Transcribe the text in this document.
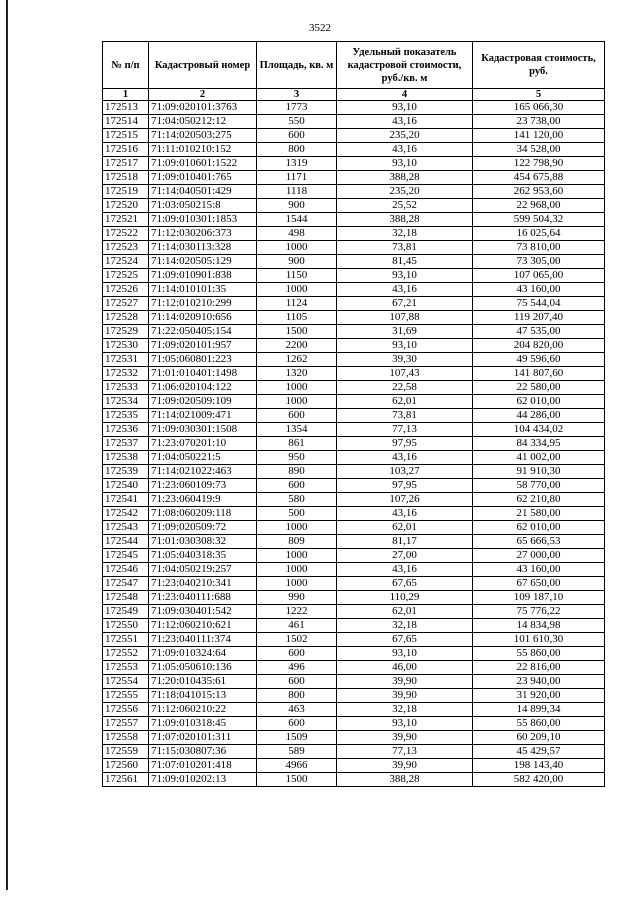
3522
№ п/п	Кадастровый номер	Площадь, кв. м	Удельный показатель кадастровой стоимости, руб./кв. м	Кадастровая стоимость, руб.
1	2	3	4	5
172513	71:09:020101:3763	1773	93,10	165 066,30
172514	71:04:050212:12	550	43,16	23 738,00
172515	71:14:020503:275	600	235,20	141 120,00
172516	71:11:010210:152	800	43,16	34 528,00
172517	71:09:010601:1522	1319	93,10	122 798,90
172518	71:09:010401:765	1171	388,28	454 675,88
172519	71:14:040501:429	1118	235,20	262 953,60
172520	71:03:050215:8	900	25,52	22 968,00
172521	71:09:010301:1853	1544	388,28	599 504,32
172522	71:12:030206:373	498	32,18	16 025,64
172523	71:14:030113:328	1000	73,81	73 810,00
172524	71:14:020505:129	900	81,45	73 305,00
172525	71:09:010901:838	1150	93,10	107 065,00
172526	71:14:010101:35	1000	43,16	43 160,00
172527	71:12:010210:299	1124	67,21	75 544,04
172528	71:14:020910:656	1105	107,88	119 207,40
172529	71:22:050405:154	1500	31,69	47 535,00
172530	71:09:020101:957	2200	93,10	204 820,00
172531	71:05:060801:223	1262	39,30	49 596,60
172532	71:01:010401:1498	1320	107,43	141 807,60
172533	71:06:020104:122	1000	22,58	22 580,00
172534	71:09:020509:109	1000	62,01	62 010,00
172535	71:14:021009:471	600	73,81	44 286,00
172536	71:09:030301:1508	1354	77,13	104 434,02
172537	71:23:070201:10	861	97,95	84 334,95
172538	71:04:050221:5	950	43,16	41 002,00
172539	71:14:021022:463	890	103,27	91 910,30
172540	71:23:060109:73	600	97,95	58 770,00
172541	71:23:060419:9	580	107,26	62 210,80
172542	71:08:060209:118	500	43,16	21 580,00
172543	71:09:020509:72	1000	62,01	62 010,00
172544	71:01:030308:32	809	81,17	65 666,53
172545	71:05:040318:35	1000	27,00	27 000,00
172546	71:04:050219:257	1000	43,16	43 160,00
172547	71:23:040210:341	1000	67,65	67 650,00
172548	71:23:040111:688	990	110,29	109 187,10
172549	71:09:030401:542	1222	62,01	75 776,22
172550	71:12:060210:621	461	32,18	14 834,98
172551	71:23:040111:374	1502	67,65	101 610,30
172552	71:09:010324:64	600	93,10	55 860,00
172553	71:05:050610:136	496	46,00	22 816,00
172554	71:20:010435:61	600	39,90	23 940,00
172555	71:18:041015:13	800	39,90	31 920,00
172556	71:12:060210:22	463	32,18	14 899,34
172557	71:09:010318:45	600	93,10	55 860,00
172558	71:07:020101:311	1509	39,90	60 209,10
172559	71:15:030807:36	589	77,13	45 429,57
172560	71:07:010201:418	4966	39,90	198 143,40
172561	71:09:010202:13	1500	388,28	582 420,00
